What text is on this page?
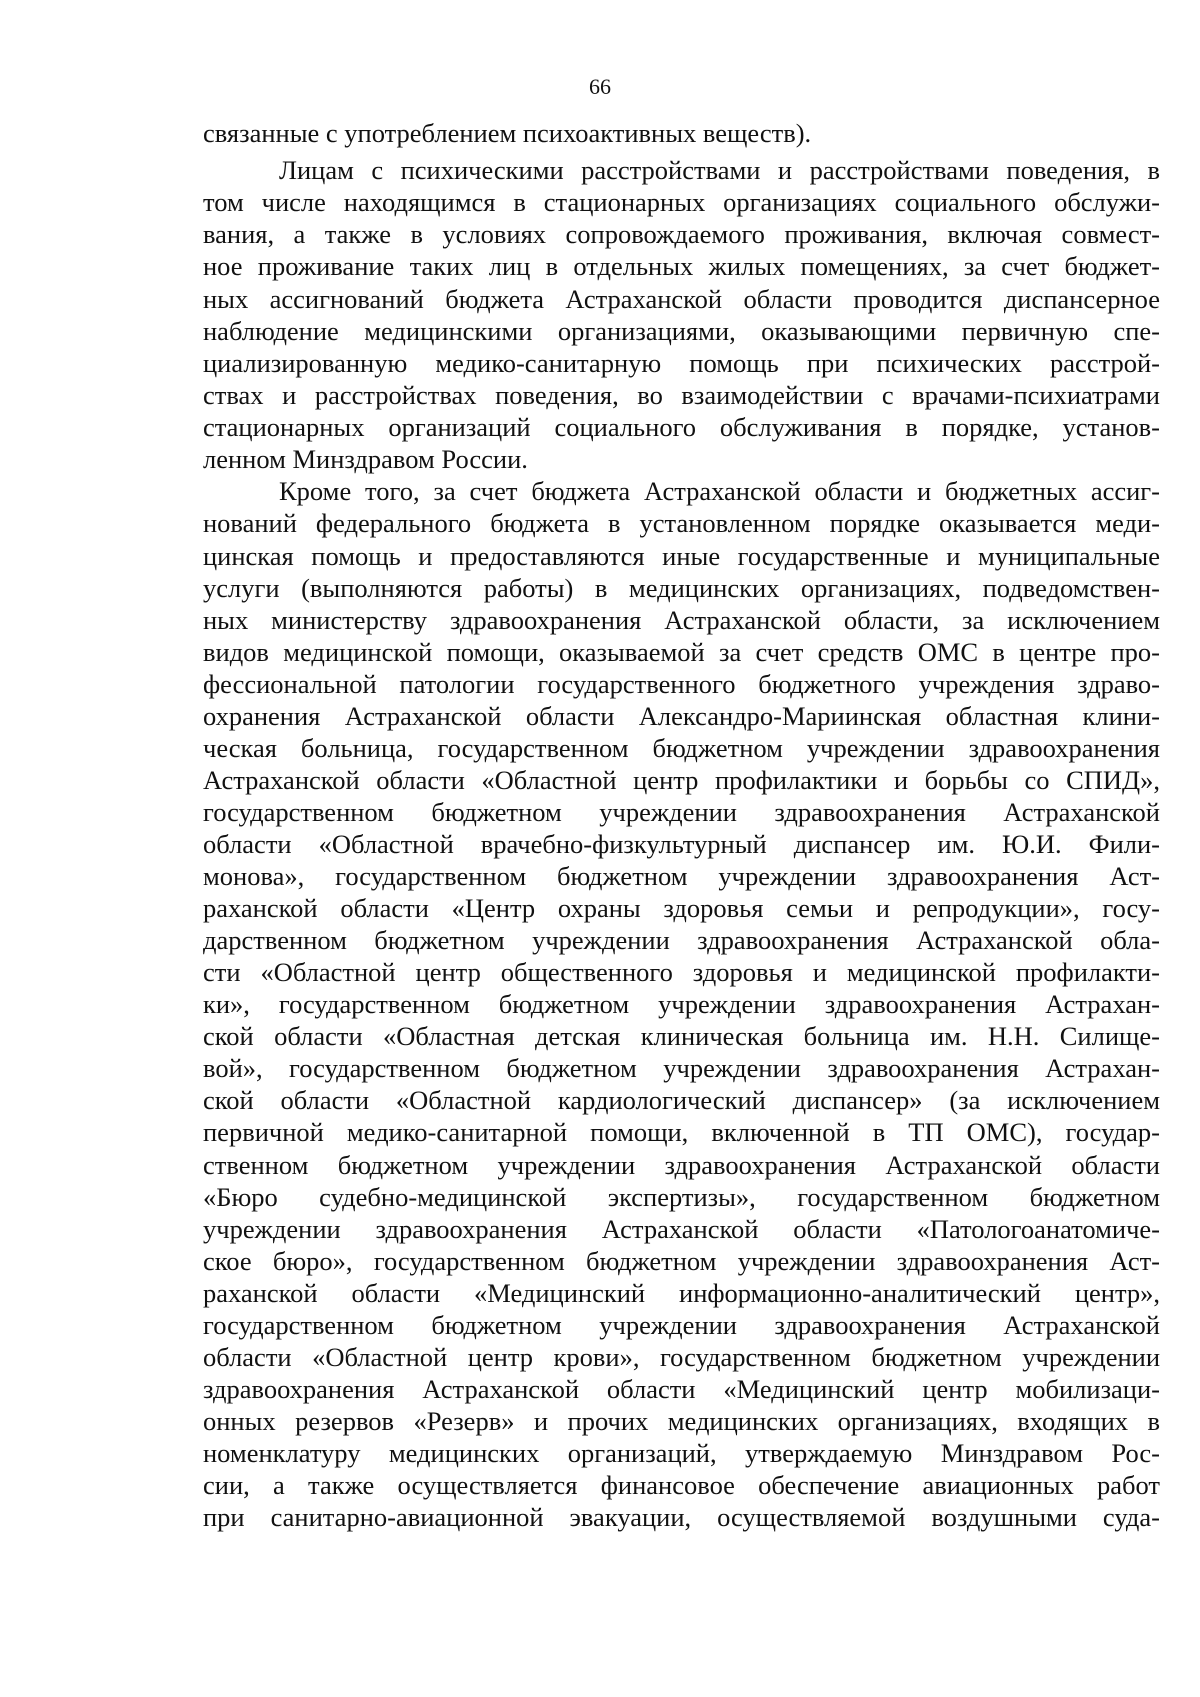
66
связанные с употреблением психоактивных веществ).
Лицам с психическими расстройствами и расстройствами поведения, в
том числе находящимся в стационарных организациях социального обслужи-
вания, а также в условиях сопровождаемого проживания, включая совмест-
ное проживание таких лиц в отдельных жилых помещениях, за счет бюджет-
ных ассигнований бюджета Астраханской области проводится диспансерное
наблюдение медицинскими организациями, оказывающими первичную спе-
циализированную медико-санитарную помощь при психических расстрой-
ствах и расстройствах поведения, во взаимодействии с врачами-психиатрами
стационарных организаций социального обслуживания в порядке, установ-
ленном Минздравом России.
Кроме того, за счет бюджета Астраханской области и бюджетных ассиг-
нований федерального бюджета в установленном порядке оказывается меди-
цинская помощь и предоставляются иные государственные и муниципальные
услуги (выполняются работы) в медицинских организациях, подведомствен-
ных министерству здравоохранения Астраханской области, за исключением
видов медицинской помощи, оказываемой за счет средств ОМС в центре про-
фессиональной патологии государственного бюджетного учреждения здраво-
охранения Астраханской области Александро-Мариинская областная клини-
ческая больница, государственном бюджетном учреждении здравоохранения
Астраханской области «Областной центр профилактики и борьбы со СПИД»,
государственном бюджетном учреждении здравоохранения Астраханской
области «Областной врачебно-физкультурный диспансер им. Ю.И. Фили-
монова», государственном бюджетном учреждении здравоохранения Аст-
раханской области «Центр охраны здоровья семьи и репродукции», госу-
дарственном бюджетном учреждении здравоохранения Астраханской обла-
сти «Областной центр общественного здоровья и медицинской профилакти-
ки», государственном бюджетном учреждении здравоохранения Астрахан-
ской области «Областная детская клиническая больница им. Н.Н. Силище-
вой», государственном бюджетном учреждении здравоохранения Астрахан-
ской области «Областной кардиологический диспансер» (за исключением
первичной медико-санитарной помощи, включенной в ТП ОМС), государ-
ственном бюджетном учреждении здравоохранения Астраханской области
«Бюро судебно-медицинской экспертизы», государственном бюджетном
учреждении здравоохранения Астраханской области «Патологоанатомиче-
ское бюро», государственном бюджетном учреждении здравоохранения Аст-
раханской области «Медицинский информационно-аналитический центр»,
государственном бюджетном учреждении здравоохранения Астраханской
области «Областной центр крови», государственном бюджетном учреждении
здравоохранения Астраханской области «Медицинский центр мобилизаци-
онных резервов «Резерв» и прочих медицинских организациях, входящих в
номенклатуру медицинских организаций, утверждаемую Минздравом Рос-
сии, а также осуществляется финансовое обеспечение авиационных работ
при санитарно-авиационной эвакуации, осуществляемой воздушными суда-
